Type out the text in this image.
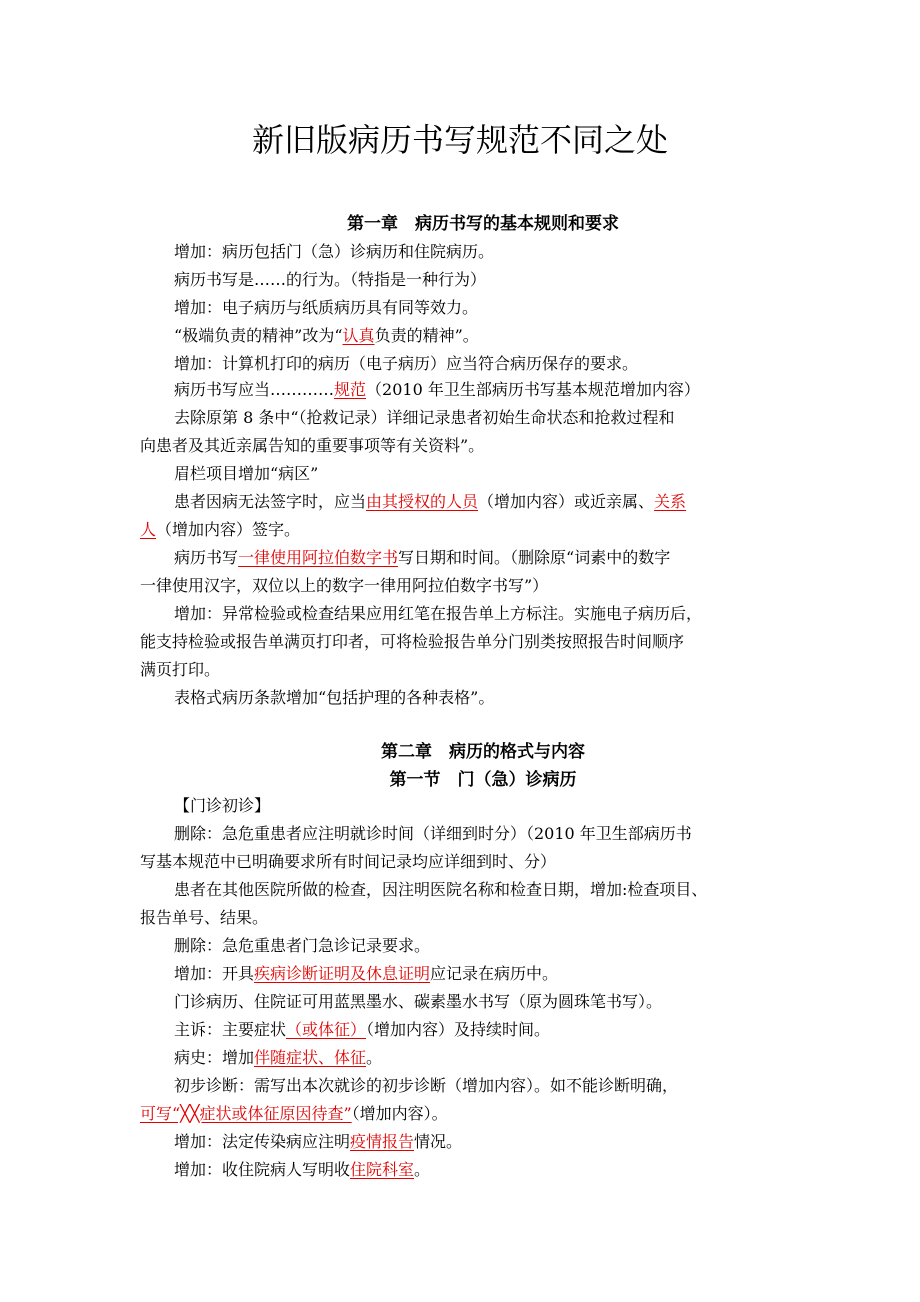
新旧版病历书写规范不同之处
第一章　病历书写的基本规则和要求
增加：病历包括门（急）诊病历和住院病历。
病历书写是……的行为。（特指是一种行为）
增加：电子病历与纸质病历具有同等效力。
“极端负责的精神”改为“认真负责的精神”。
增加：计算机打印的病历（电子病历）应当符合病历保存的要求。
病历书写应当…………规范（2010 年卫生部病历书写基本规范增加内容）
去除原第 8 条中“（抢救记录）详细记录患者初始生命状态和抢救过程和
向患者及其近亲属告知的重要事项等有关资料”。
眉栏项目增加“病区”
患者因病无法签字时，应当由其授权的人员（增加内容）或近亲属、关系
人（增加内容）签字。
病历书写一律使用阿拉伯数字书写日期和时间。（删除原“词素中的数字
一律使用汉字，双位以上的数字一律用阿拉伯数字书写”）
增加：异常检验或检查结果应用红笔在报告单上方标注。实施电子病历后，
能支持检验或报告单满页打印者，可将检验报告单分门别类按照报告时间顺序
满页打印。
表格式病历条款增加“包括护理的各种表格”。
第二章　病历的格式与内容
第一节　门（急）诊病历
【门诊初诊】
删除：急危重患者应注明就诊时间（详细到时分）（2010 年卫生部病历书
写基本规范中已明确要求所有时间记录均应详细到时、分）
患者在其他医院所做的检查，因注明医院名称和检查日期，增加:检查项目、
报告单号、结果。
删除：急危重患者门急诊记录要求。
增加：开具疾病诊断证明及休息证明应记录在病历中。
门诊病历、住院证可用蓝黑墨水、碳素墨水书写（原为圆珠笔书写）。
主诉：主要症状（或体征）（增加内容）及持续时间。
病史：增加伴随症状、体征。
初步诊断：需写出本次就诊的初步诊断（增加内容）。如不能诊断明确，
可写“╳╳症状或体征原因待查”（增加内容）。
增加：法定传染病应注明疫情报告情况。
增加：收住院病人写明收住院科室。
